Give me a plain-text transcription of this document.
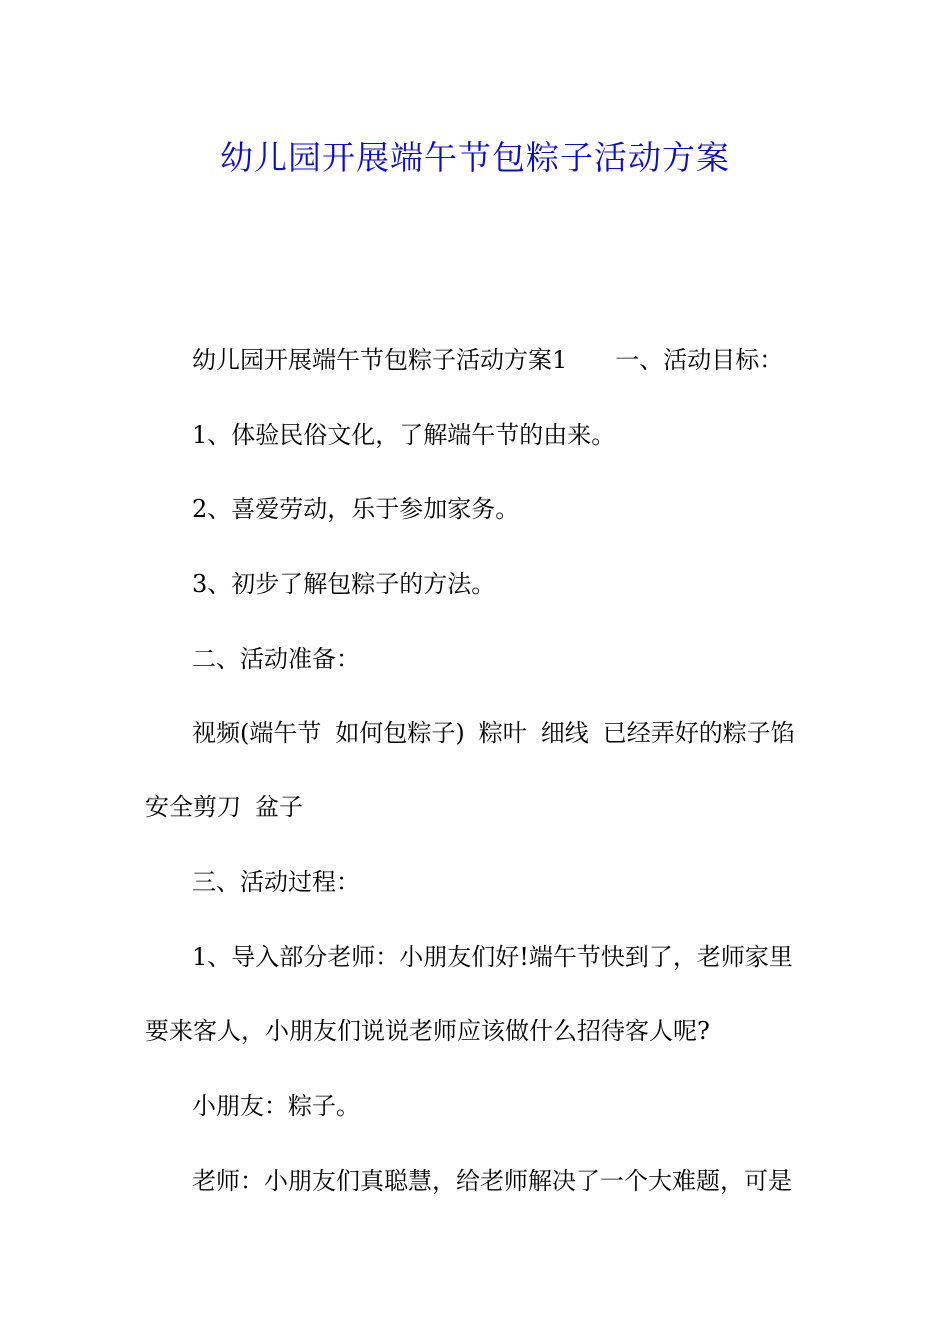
幼儿园开展端午节包粽子活动方案
幼儿园开展端午节包粽子活动方案1 一、活动目标：
1、体验民俗文化，了解端午节的由来。
2、喜爱劳动，乐于参加家务。
3、初步了解包粽子的方法。
二、活动准备：
视频(端午节 如何包粽子) 粽叶 细线 已经弄好的粽子馅
安全剪刀 盆子
三、活动过程：
1、导入部分老师：小朋友们好!端午节快到了，老师家里
要来客人，小朋友们说说老师应该做什么招待客人呢?
小朋友：粽子。
老师：小朋友们真聪慧，给老师解决了一个大难题，可是
